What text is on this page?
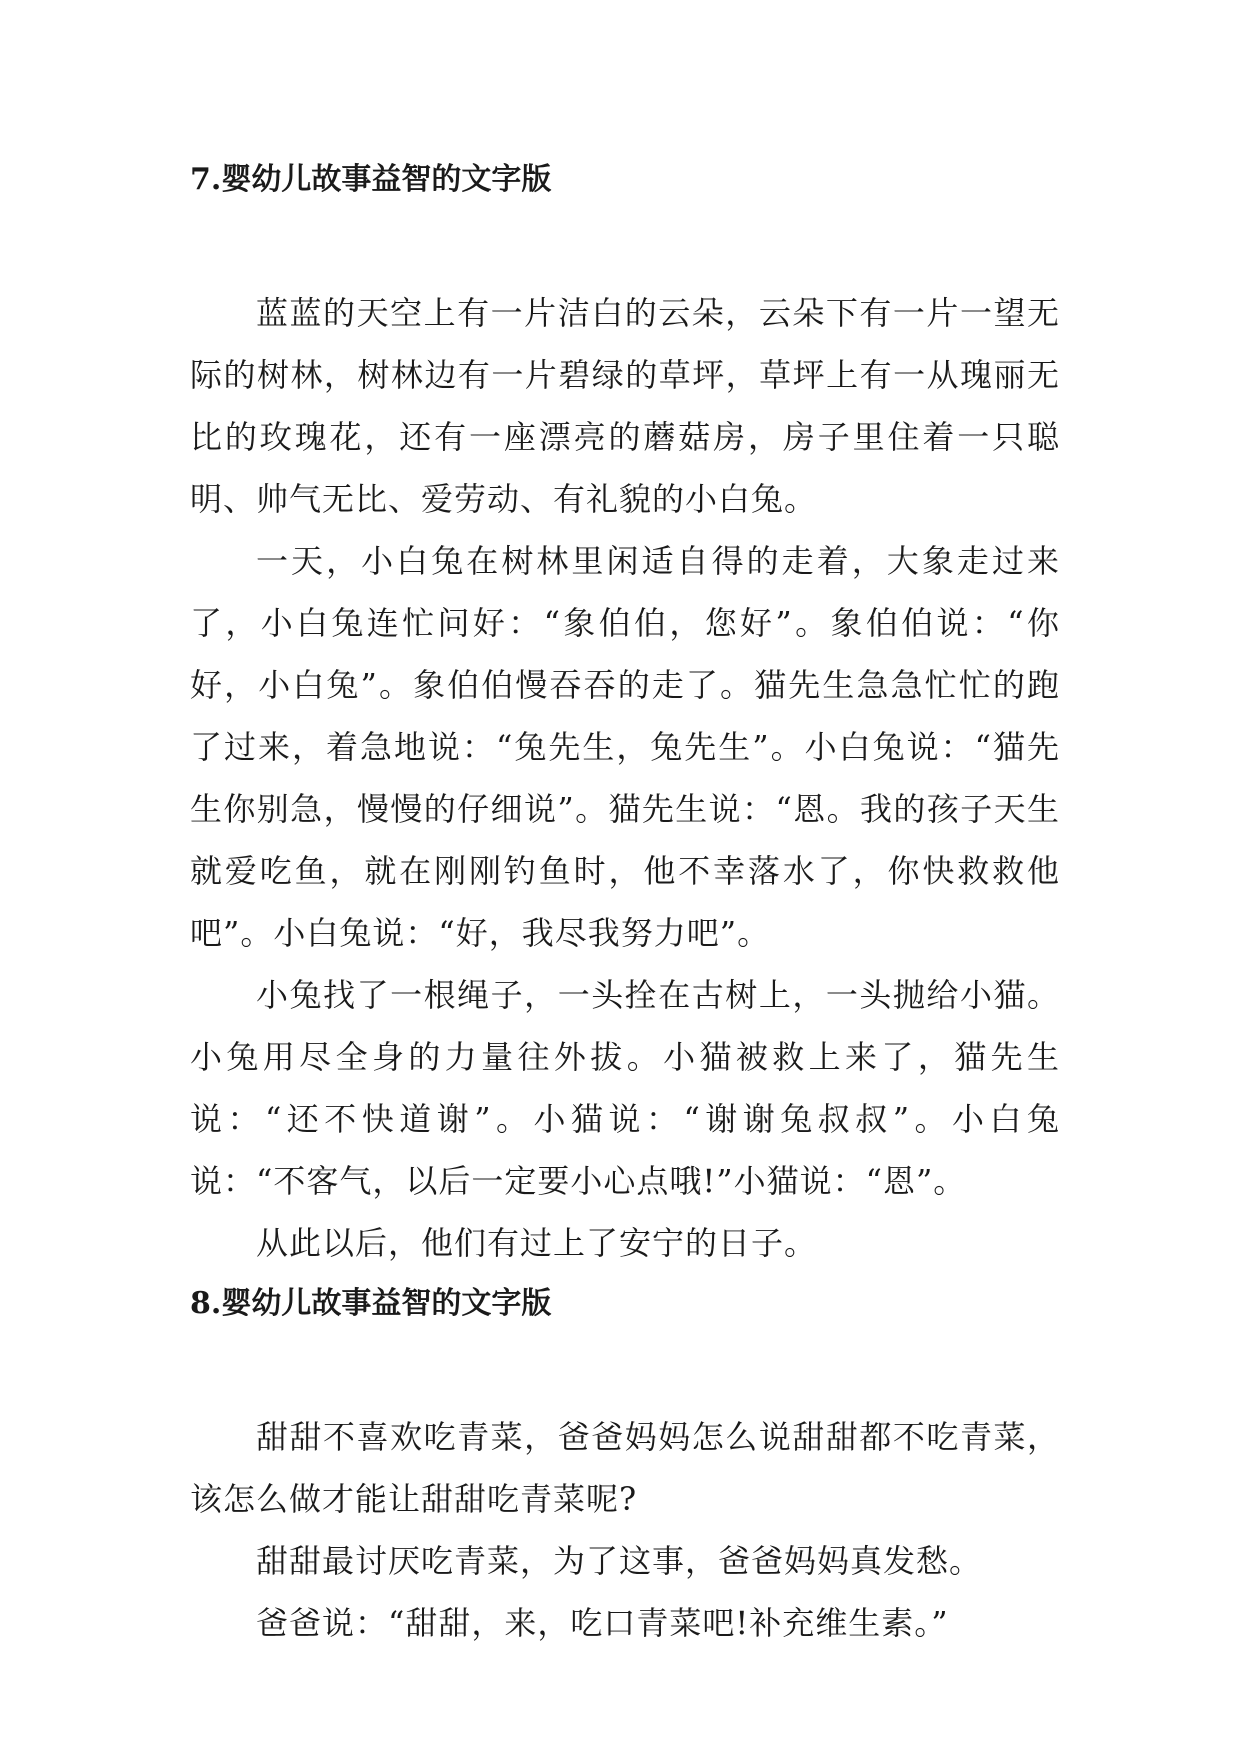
7.婴幼儿故事益智的文字版

蓝蓝的天空上有一片洁白的云朵，云朵下有一片一望无际的树林，树林边有一片碧绿的草坪，草坪上有一从瑰丽无比的玫瑰花，还有一座漂亮的蘑菇房，房子里住着一只聪明、帅气无比、爱劳动、有礼貌的小白兔。

一天，小白兔在树林里闲适自得的走着，大象走过来了，小白兔连忙问好：“象伯伯，您好”。象伯伯说：“你好，小白兔”。象伯伯慢吞吞的走了。猫先生急急忙忙的跑了过来，着急地说：“兔先生，兔先生”。小白兔说：“猫先生你别急，慢慢的仔细说”。猫先生说：“恩。我的孩子天生就爱吃鱼，就在刚刚钓鱼时，他不幸落水了，你快救救他吧”。小白兔说：“好，我尽我努力吧”。

小兔找了一根绳子，一头拴在古树上，一头抛给小猫。小兔用尽全身的力量往外拔。小猫被救上来了，猫先生说：“还不快道谢”。小猫说：“谢谢兔叔叔”。小白兔说：“不客气，以后一定要小心点哦!”小猫说：“恩”。

从此以后，他们有过上了安宁的日子。

8.婴幼儿故事益智的文字版

甜甜不喜欢吃青菜，爸爸妈妈怎么说甜甜都不吃青菜，该怎么做才能让甜甜吃青菜呢?

甜甜最讨厌吃青菜，为了这事，爸爸妈妈真发愁。

爸爸说：“甜甜，来，吃口青菜吧!补充维生素。”
